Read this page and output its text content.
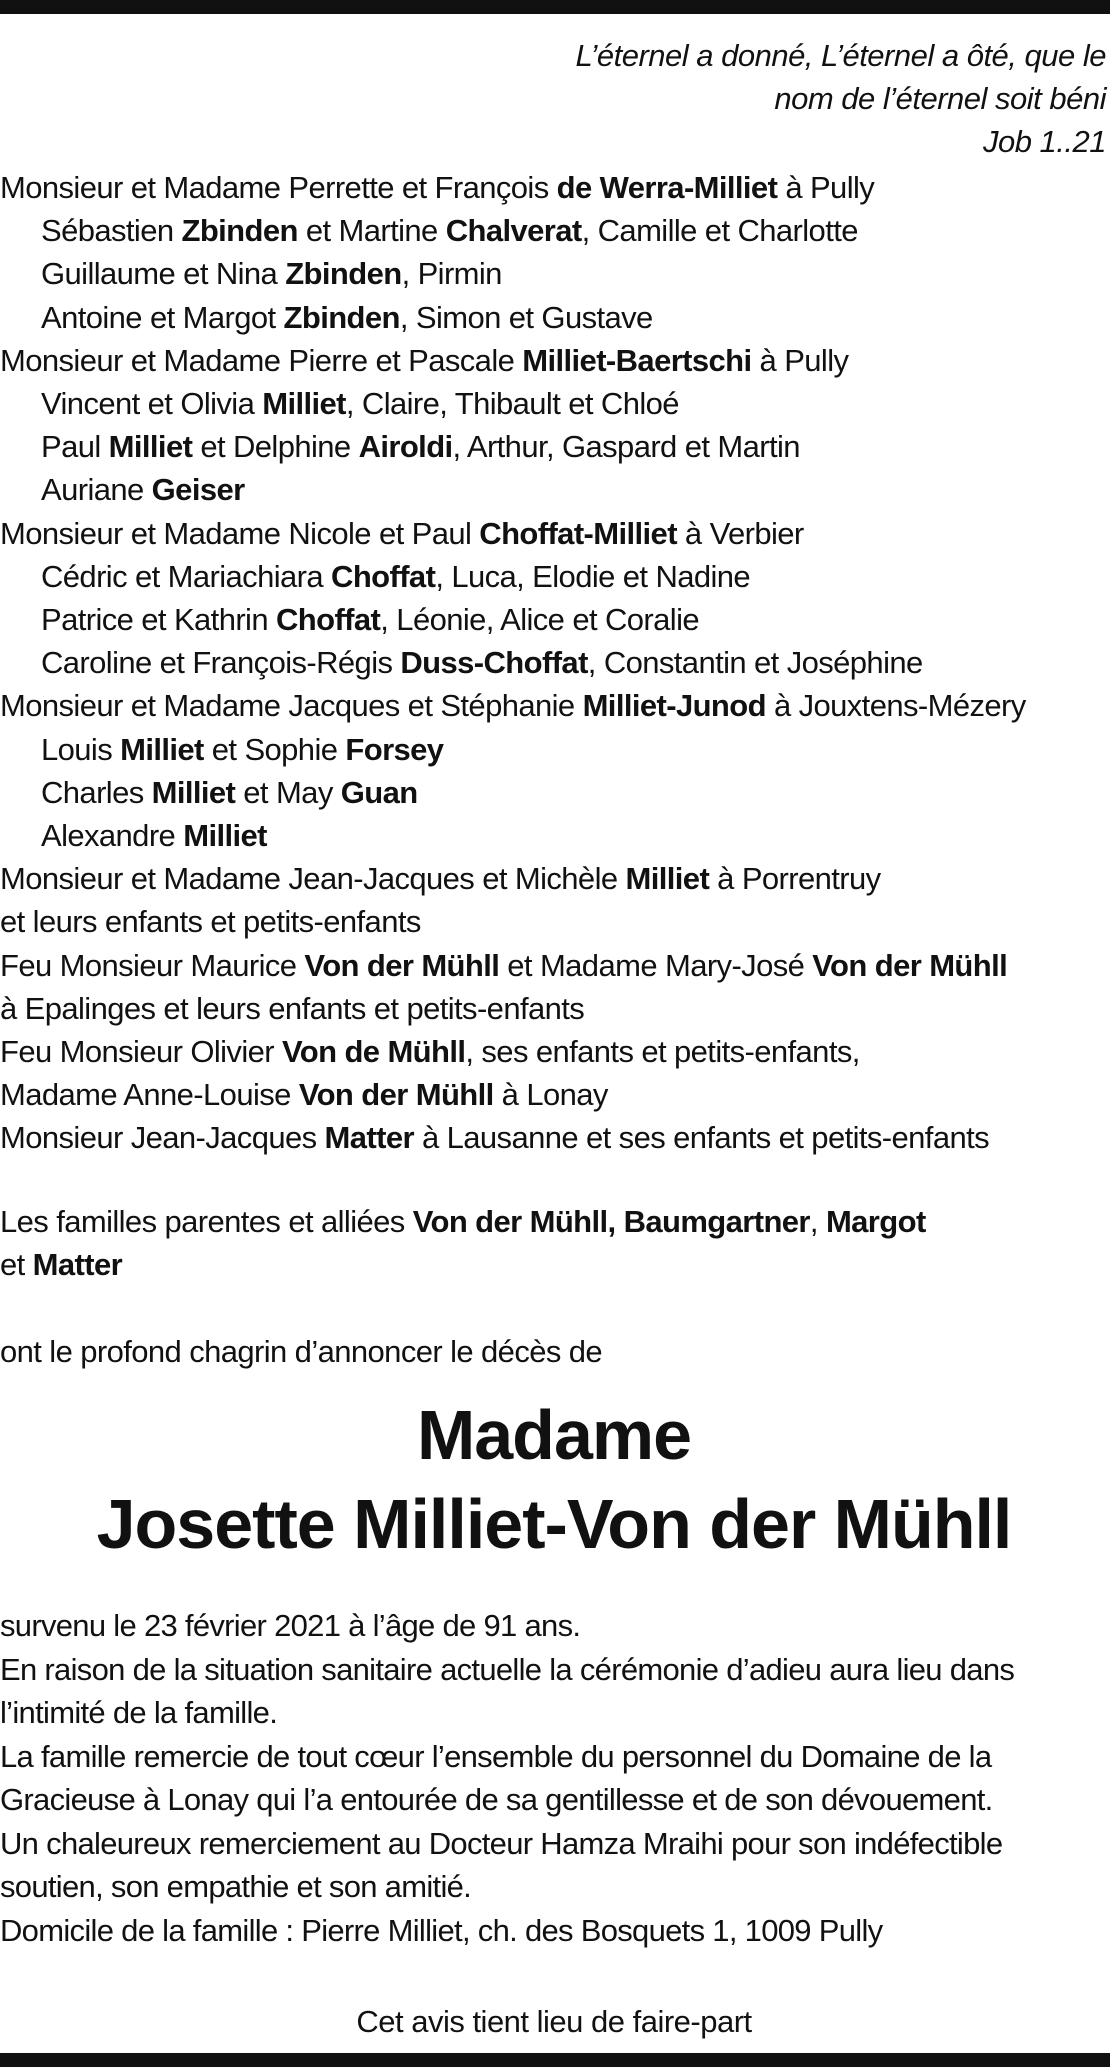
L’éternel a donné, L’éternel a ôté, que le
nom de l’éternel soit béni
Job 1..21
Monsieur et Madame Perrette et François de Werra-Milliet à Pully
Sébastien Zbinden et Martine Chalverat, Camille et Charlotte
Guillaume et Nina Zbinden, Pirmin
Antoine et Margot Zbinden, Simon et Gustave
Monsieur et Madame Pierre et Pascale Milliet-Baertschi à Pully
Vincent et Olivia Milliet, Claire, Thibault et Chloé
Paul Milliet et Delphine Airoldi, Arthur, Gaspard et Martin
Auriane Geiser
Monsieur et Madame Nicole et Paul Choffat-Milliet à Verbier
Cédric et Mariachiara Choffat, Luca, Elodie et Nadine
Patrice et Kathrin Choffat, Léonie, Alice et Coralie
Caroline et François-Régis Duss-Choffat, Constantin et Joséphine
Monsieur et Madame Jacques et Stéphanie Milliet-Junod à Jouxtens-Mézery
Louis Milliet et Sophie Forsey
Charles Milliet et May Guan
Alexandre Milliet
Monsieur et Madame Jean-Jacques et Michèle Milliet à Porrentruy
et leurs enfants et petits-enfants
Feu Monsieur Maurice Von der Mühll et Madame Mary-José Von der Mühll
à Epalinges et leurs enfants et petits-enfants
Feu Monsieur Olivier Von de Mühll, ses enfants et petits-enfants,
Madame Anne-Louise Von der Mühll à Lonay
Monsieur Jean-Jacques Matter à Lausanne et ses enfants et petits-enfants
Les familles parentes et alliées Von der Mühll, Baumgartner, Margot
et Matter
ont le profond chagrin d’annoncer le décès de
Madame
Josette Milliet-Von der Mühll

survenu le 23 février 2021 à l’âge de 91 ans.

En raison de la situation sanitaire actuelle la cérémonie d’adieu aura lieu dans l’intimité de la famille.

La famille remercie de tout cœur l’ensemble du personnel du Domaine de la Gracieuse à Lonay qui l’a entourée de sa gentillesse et de son dévouement.

Un chaleureux remerciement au Docteur Hamza Mraihi pour son indéfectible soutien, son empathie et son amitié.

Domicile de la famille : Pierre Milliet, ch. des Bosquets 1, 1009 Pully

Cet avis tient lieu de faire-part
